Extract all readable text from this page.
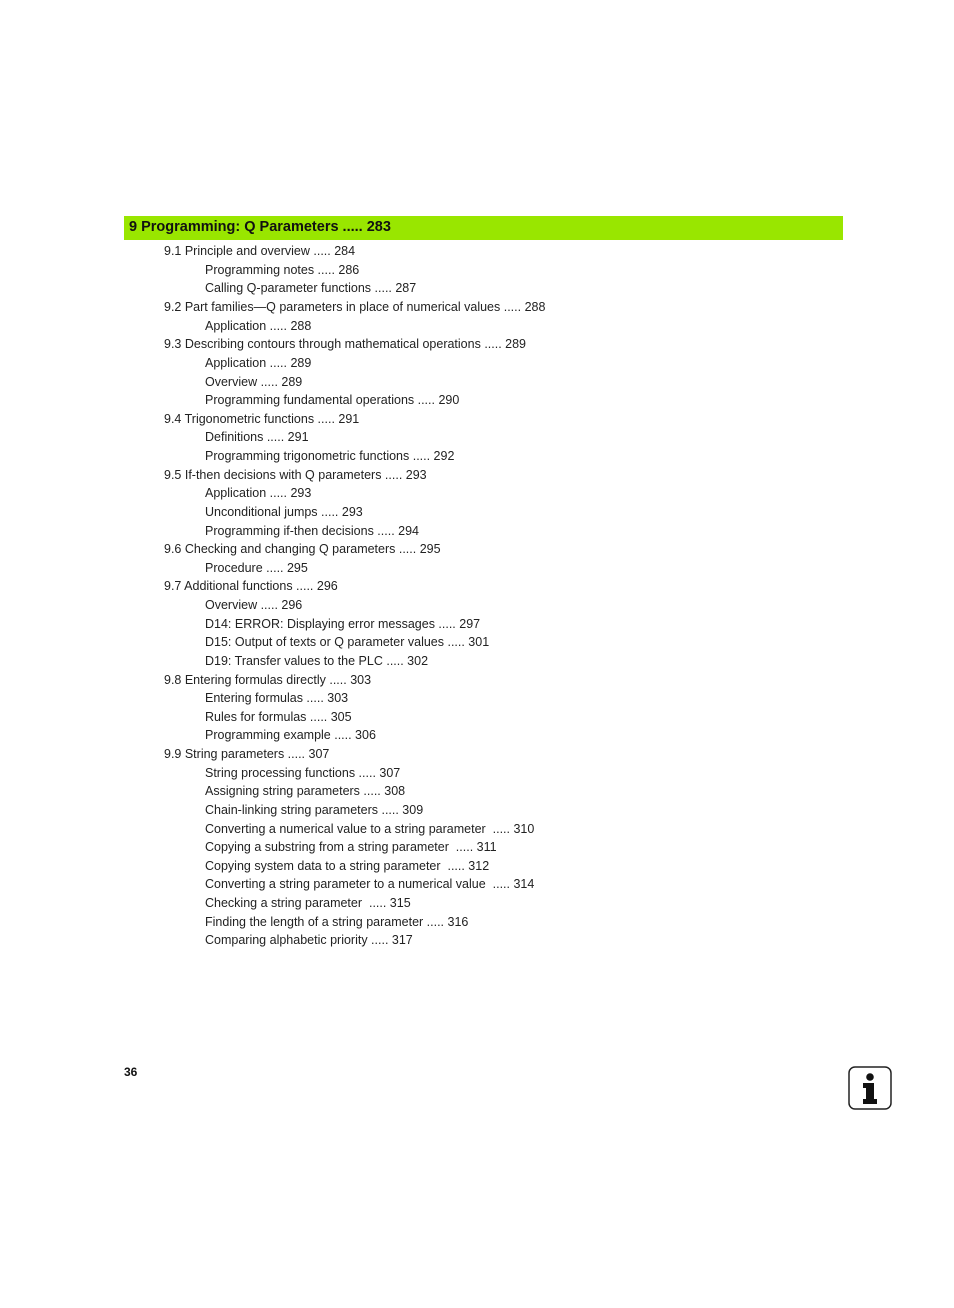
9 Programming: Q Parameters ..... 283
9.1 Principle and overview ..... 284
Programming notes ..... 286
Calling Q-parameter functions ..... 287
9.2 Part families—Q parameters in place of numerical values ..... 288
Application ..... 288
9.3 Describing contours through mathematical operations ..... 289
Application ..... 289
Overview ..... 289
Programming fundamental operations ..... 290
9.4 Trigonometric functions ..... 291
Definitions ..... 291
Programming trigonometric functions ..... 292
9.5 If-then decisions with Q parameters ..... 293
Application ..... 293
Unconditional jumps ..... 293
Programming if-then decisions ..... 294
9.6 Checking and changing Q parameters ..... 295
Procedure ..... 295
9.7 Additional functions ..... 296
Overview ..... 296
D14: ERROR: Displaying error messages ..... 297
D15: Output of texts or Q parameter values ..... 301
D19: Transfer values to the PLC ..... 302
9.8 Entering formulas directly ..... 303
Entering formulas ..... 303
Rules for formulas ..... 305
Programming example ..... 306
9.9 String parameters ..... 307
String processing functions ..... 307
Assigning string parameters ..... 308
Chain-linking string parameters ..... 309
Converting a numerical value to a string parameter  ..... 310
Copying a substring from a string parameter  ..... 311
Copying system data to a string parameter  ..... 312
Converting a string parameter to a numerical value  ..... 314
Checking a string parameter  ..... 315
Finding the length of a string parameter ..... 316
Comparing alphabetic priority ..... 317
36
